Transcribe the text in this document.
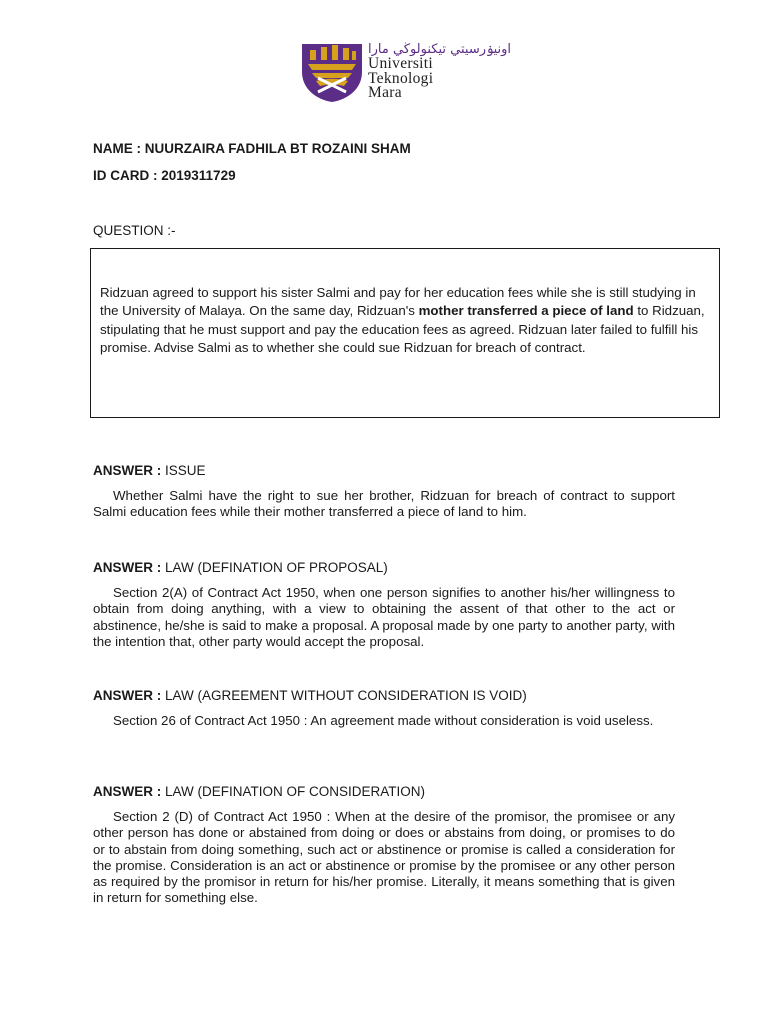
اونيۏرسيتي تيكنولوڬي مارا
Universiti
Teknologi
Mara
NAME : NUURZAIRA FADHILA BT ROZAINI SHAM
ID CARD : 2019311729
QUESTION :-
Ridzuan agreed to support his sister Salmi and pay for her education fees while she is still studying in the University of Malaya. On the same day, Ridzuan's mother transferred a piece of land to Ridzuan, stipulating that he must support and pay the education fees as agreed. Ridzuan later failed to fulfill his promise. Advise Salmi as to whether she could sue Ridzuan for breach of contract.

ANSWER : ISSUE

Whether Salmi have the right to sue her brother, Ridzuan for breach of contract to support Salmi education fees while their mother transferred a piece of land to him.

ANSWER : LAW (DEFINATION OF PROPOSAL)

Section 2(A) of Contract Act 1950, when one person signifies to another his/her willingness to obtain from doing anything, with a view to obtaining the assent of that other to the act or abstinence, he/she is said to make a proposal. A proposal made by one party to another party, with the intention that, other party would accept the proposal.

ANSWER : LAW (AGREEMENT WITHOUT CONSIDERATION IS VOID)

Section 26 of Contract Act 1950 : An agreement made without consideration is void useless.

ANSWER : LAW (DEFINATION OF CONSIDERATION)

Section 2 (D) of Contract Act 1950 : When at the desire of the promisor, the promisee or any other person has done or abstained from doing or does or abstains from doing, or promises to do or to abstain from doing something, such act or abstinence or promise is called a consideration for the promise. Consideration is an act or abstinence or promise by the promisee or any other person as required by the promisor in return for his/her promise. Literally, it means something that is given in return for something else.
